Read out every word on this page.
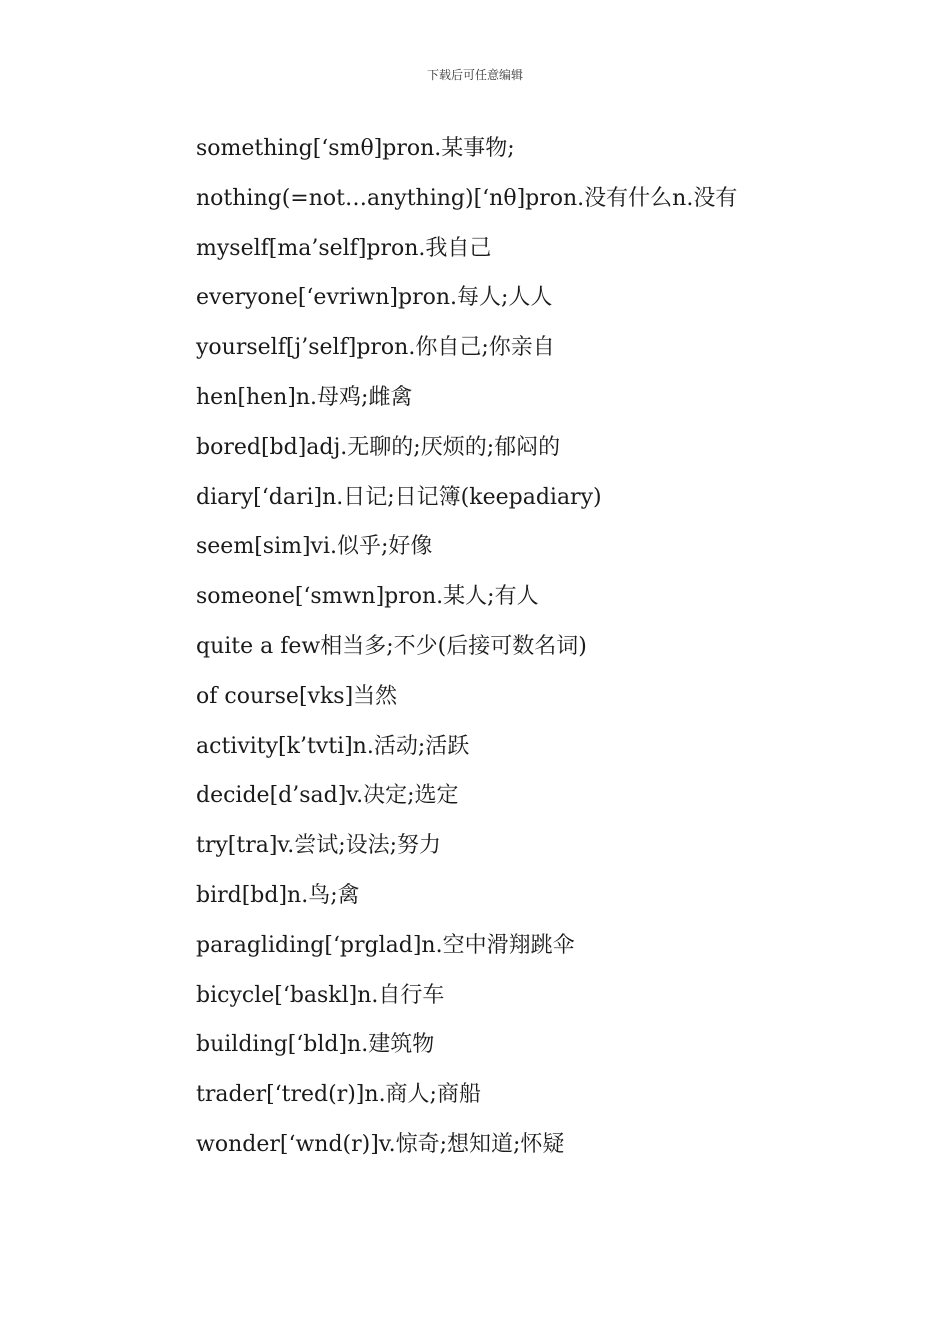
下载后可任意编辑
something[‘smθ]pron.某事物;
nothing(=not…anything)[‘nθ]pron.没有什么n.没有
myself[ma’self]pron.我自己
everyone[‘evriwn]pron.每人;人人
yourself[j’self]pron.你自己;你亲自
hen[hen]n.母鸡;雌禽
bored[bd]adj.无聊的;厌烦的;郁闷的
diary[‘dari]n.日记;日记簿(keepadiary)
seem[sim]vi.似乎;好像
someone[‘smwn]pron.某人;有人
quite a few相当多;不少(后接可数名词)
of course[vks]当然
activity[k’tvti]n.活动;活跃
decide[d’sad]v.决定;选定
try[tra]v.尝试;设法;努力
bird[bd]n.鸟;禽
paragliding[‘prglad]n.空中滑翔跳伞
bicycle[‘baskl]n.自行车
building[‘bld]n.建筑物
trader[‘tred(r)]n.商人;商船
wonder[‘wnd(r)]v.惊奇;想知道;怀疑
